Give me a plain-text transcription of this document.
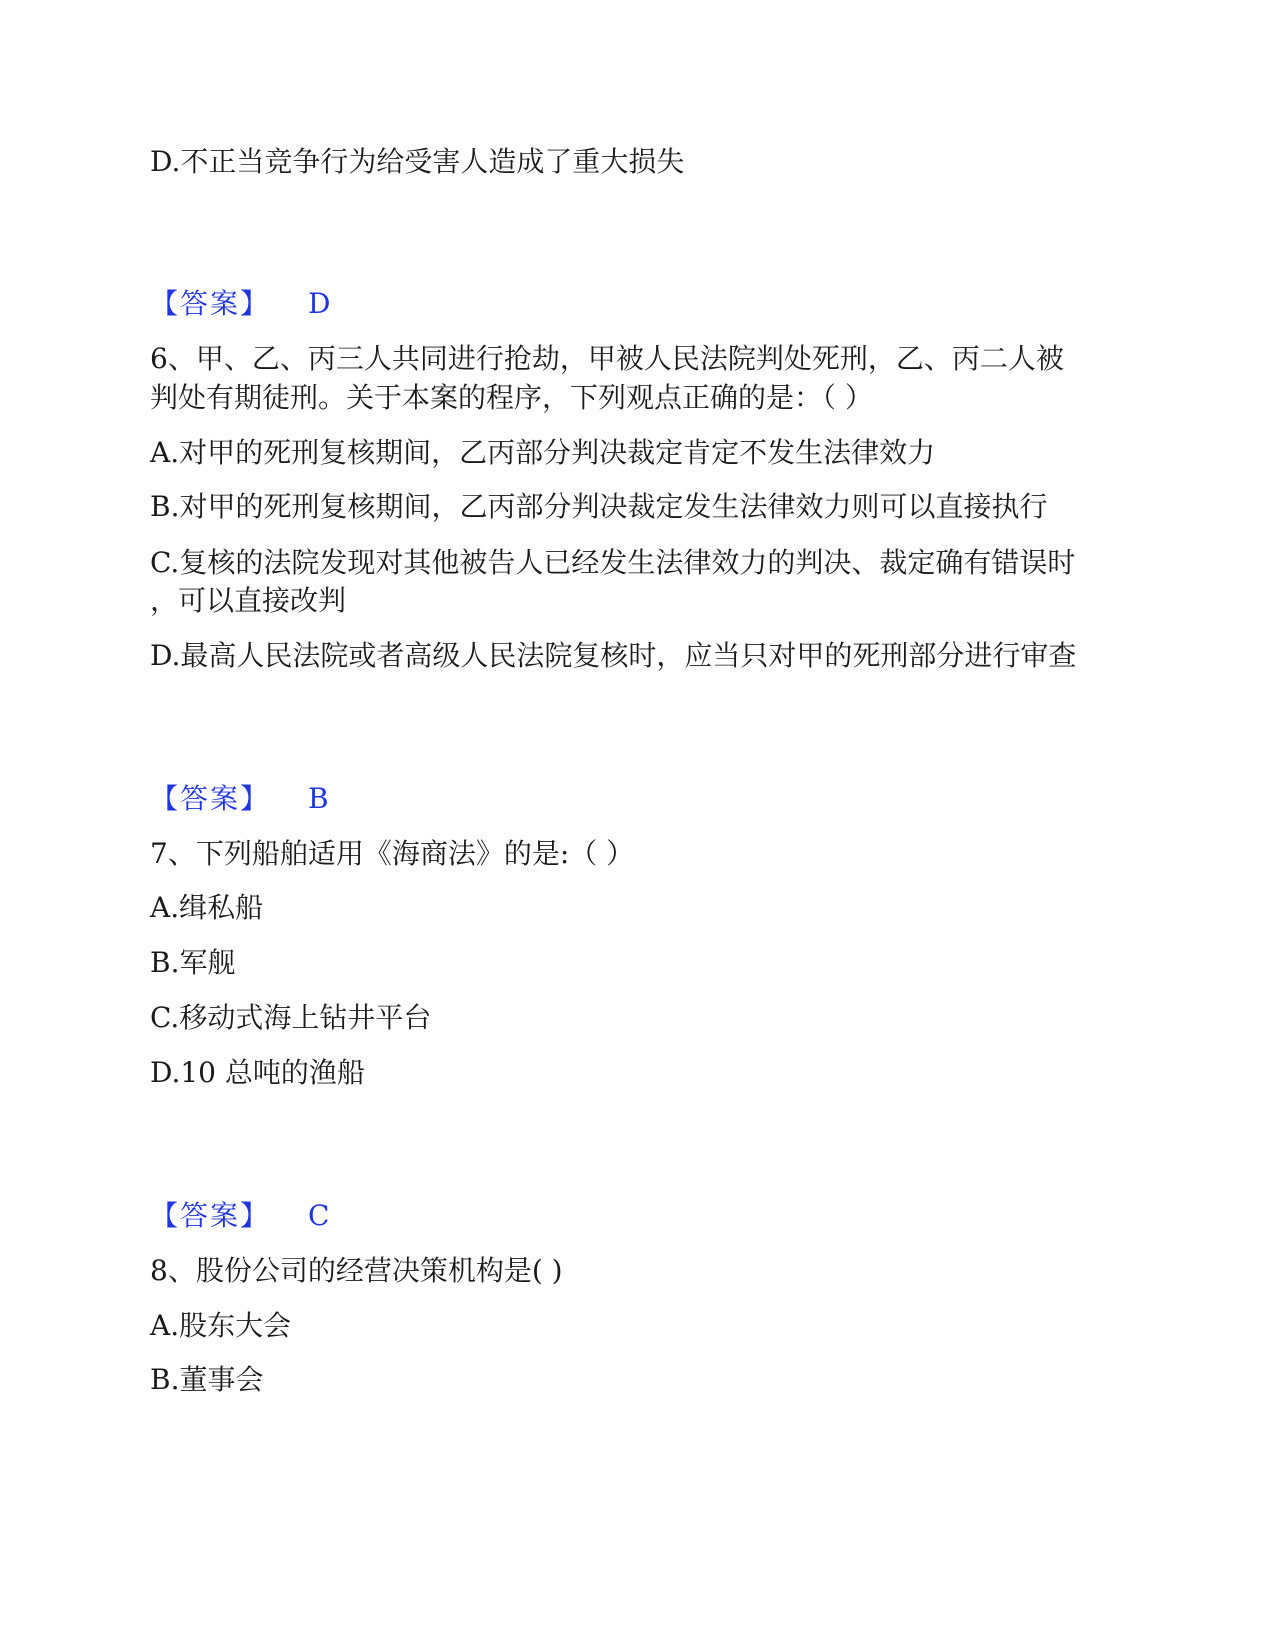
D.不正当竞争行为给受害人造成了重大损失
【答案】 D
6、甲、乙、丙三人共同进行抢劫，甲被人民法院判处死刑，乙、丙二人被
判处有期徒刑。关于本案的程序，下列观点正确的是：（ ）
A.对甲的死刑复核期间，乙丙部分判决裁定肯定不发生法律效力
B.对甲的死刑复核期间，乙丙部分判决裁定发生法律效力则可以直接执行
C.复核的法院发现对其他被告人已经发生法律效力的判决、裁定确有错误时
，可以直接改判
D.最高人民法院或者高级人民法院复核时，应当只对甲的死刑部分进行审查
【答案】 B
7、下列船舶适用《海商法》的是:（ ）
A.缉私船
B.军舰
C.移动式海上钻井平台
D.10 总吨的渔船
【答案】 C
8、股份公司的经营决策机构是( )
A.股东大会
B.董事会
